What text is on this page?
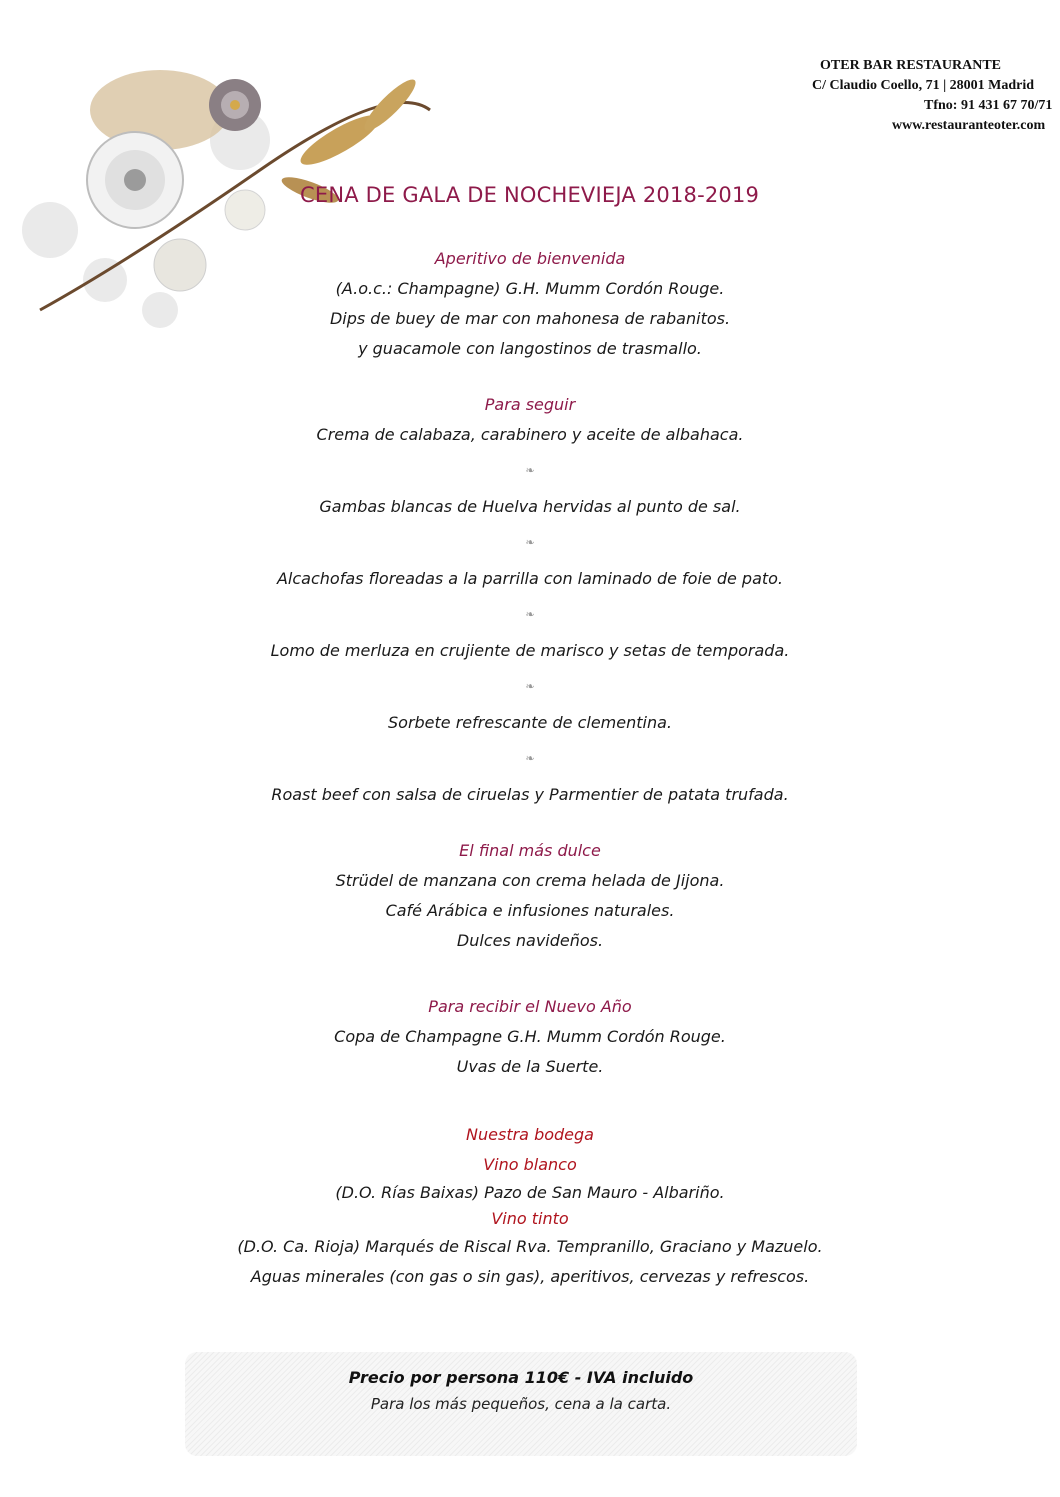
OTER BAR RESTAURANTE
C/ Claudio Coello, 71 | 28001 Madrid
Tfno: 91 431 67 70/71
www.restauranteoter.com
CENA DE GALA DE NOCHEVIEJA 2018-2019
Aperitivo de bienvenida
(A.o.c.: Champagne) G.H. Mumm Cordón Rouge.
Dips de buey de mar con mahonesa de rabanitos.
y guacamole con langostinos de trasmallo.
Para seguir
Crema de calabaza, carabinero y aceite de albahaca.
❧
Gambas blancas de Huelva hervidas al punto de sal.
❧
Alcachofas floreadas a la parrilla con laminado de foie de pato.
❧
Lomo de merluza en crujiente de marisco y setas de temporada.
❧
Sorbete refrescante de clementina.
❧
Roast beef con salsa de ciruelas y Parmentier de patata trufada.
El final más dulce
Strüdel de manzana con crema helada de Jijona.
Café Arábica e infusiones naturales.
Dulces navideños.
Para recibir el Nuevo Año
Copa de Champagne G.H. Mumm Cordón Rouge.
Uvas de la Suerte.
Nuestra bodega
Vino blanco
(D.O. Rías Baixas) Pazo de San Mauro - Albariño.
Vino tinto
(D.O. Ca. Rioja) Marqués de Riscal Rva. Tempranillo, Graciano y Mazuelo.
Aguas minerales (con gas o sin gas), aperitivos, cervezas y refrescos.
Precio por persona 110€ - IVA incluido
Para los más pequeños, cena a la carta.
